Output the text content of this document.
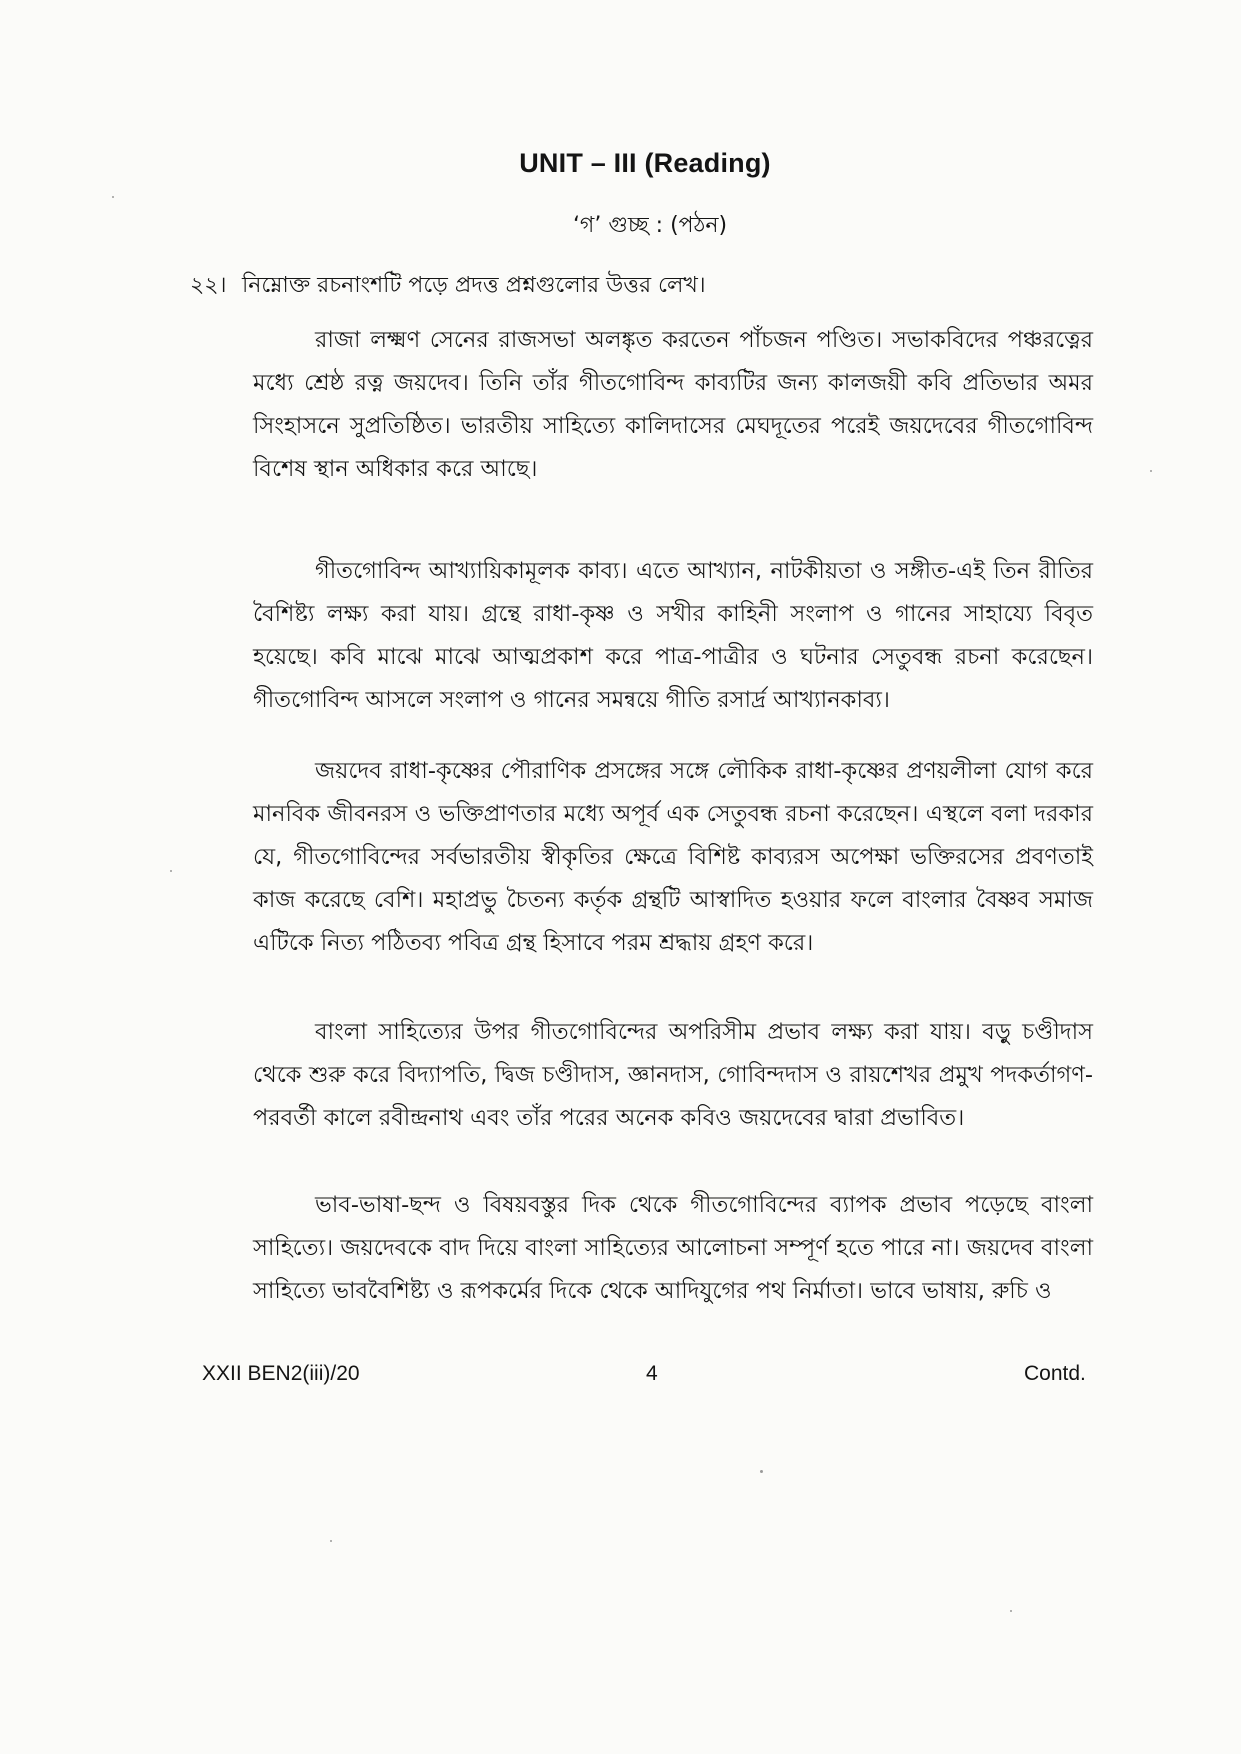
UNIT – III (Reading)
‘গ’ গুচ্ছ : (পঠন)
২২। নিম্নোক্ত রচনাংশটি পড়ে প্রদত্ত প্রশ্নগুলোর উত্তর লেখ।

রাজা লক্ষ্মণ সেনের রাজসভা অলঙ্কৃত করতেন পাঁচজন পণ্ডিত। সভাকবিদের পঞ্চরত্নের মধ্যে শ্রেষ্ঠ রত্ন জয়দেব। তিনি তাঁর গীতগোবিন্দ কাব্যটির জন্য কালজয়ী কবি প্রতিভার অমর সিংহাসনে সুপ্রতিষ্ঠিত। ভারতীয় সাহিত্যে কালিদাসের মেঘদূতের পরেই জয়দেবের গীতগোবিন্দ বিশেষ স্থান অধিকার করে আছে।

গীতগোবিন্দ আখ্যায়িকামূলক কাব্য। এতে আখ্যান, নাটকীয়তা ও সঙ্গীত-এই তিন রীতির বৈশিষ্ট্য লক্ষ্য করা যায়। গ্রন্থে রাধা-কৃষ্ণ ও সখীর কাহিনী সংলাপ ও গানের সাহায্যে বিবৃত হয়েছে। কবি মাঝে মাঝে আত্মপ্রকাশ করে পাত্র-পাত্রীর ও ঘটনার সেতুবন্ধ রচনা করেছেন। গীতগোবিন্দ আসলে সংলাপ ও গানের সমন্বয়ে গীতি রসার্দ্র আখ্যানকাব্য।

জয়দেব রাধা-কৃষ্ণের পৌরাণিক প্রসঙ্গের সঙ্গে লৌকিক রাধা-কৃষ্ণের প্রণয়লীলা যোগ করে মানবিক জীবনরস ও ভক্তিপ্রাণতার মধ্যে অপূর্ব এক সেতুবন্ধ রচনা করেছেন। এস্থলে বলা দরকার যে, গীতগোবিন্দের সর্বভারতীয় স্বীকৃতির ক্ষেত্রে বিশিষ্ট কাব্যরস অপেক্ষা ভক্তিরসের প্রবণতাই কাজ করেছে বেশি। মহাপ্রভু চৈতন্য কর্তৃক গ্রন্থটি আস্বাদিত হওয়ার ফলে বাংলার বৈষ্ণব সমাজ এটিকে নিত্য পঠিতব্য পবিত্র গ্রন্থ হিসাবে পরম শ্রদ্ধায় গ্রহণ করে।

বাংলা সাহিত্যের উপর গীতগোবিন্দের অপরিসীম প্রভাব লক্ষ্য করা যায়। বড়ু চণ্ডীদাস থেকে শুরু করে বিদ্যাপতি, দ্বিজ চণ্ডীদাস, জ্ঞানদাস, গোবিন্দদাস ও রায়শেখর প্রমুখ পদকর্তাগণ-পরবর্তী কালে রবীন্দ্রনাথ এবং তাঁর পরের অনেক কবিও জয়দেবের দ্বারা প্রভাবিত।

ভাব-ভাষা-ছন্দ ও বিষয়বস্তুর দিক থেকে গীতগোবিন্দের ব্যাপক প্রভাব পড়েছে বাংলা সাহিত্যে। জয়দেবকে বাদ দিয়ে বাংলা সাহিত্যের আলোচনা সম্পূর্ণ হতে পারে না। জয়দেব বাংলা সাহিত্যে ভাববৈশিষ্ট্য ও রূপকর্মের দিকে থেকে আদিযুগের পথ নির্মাতা। ভাবে ভাষায়, রুচি ও

XXII BEN2(iii)/20	4	Contd.
